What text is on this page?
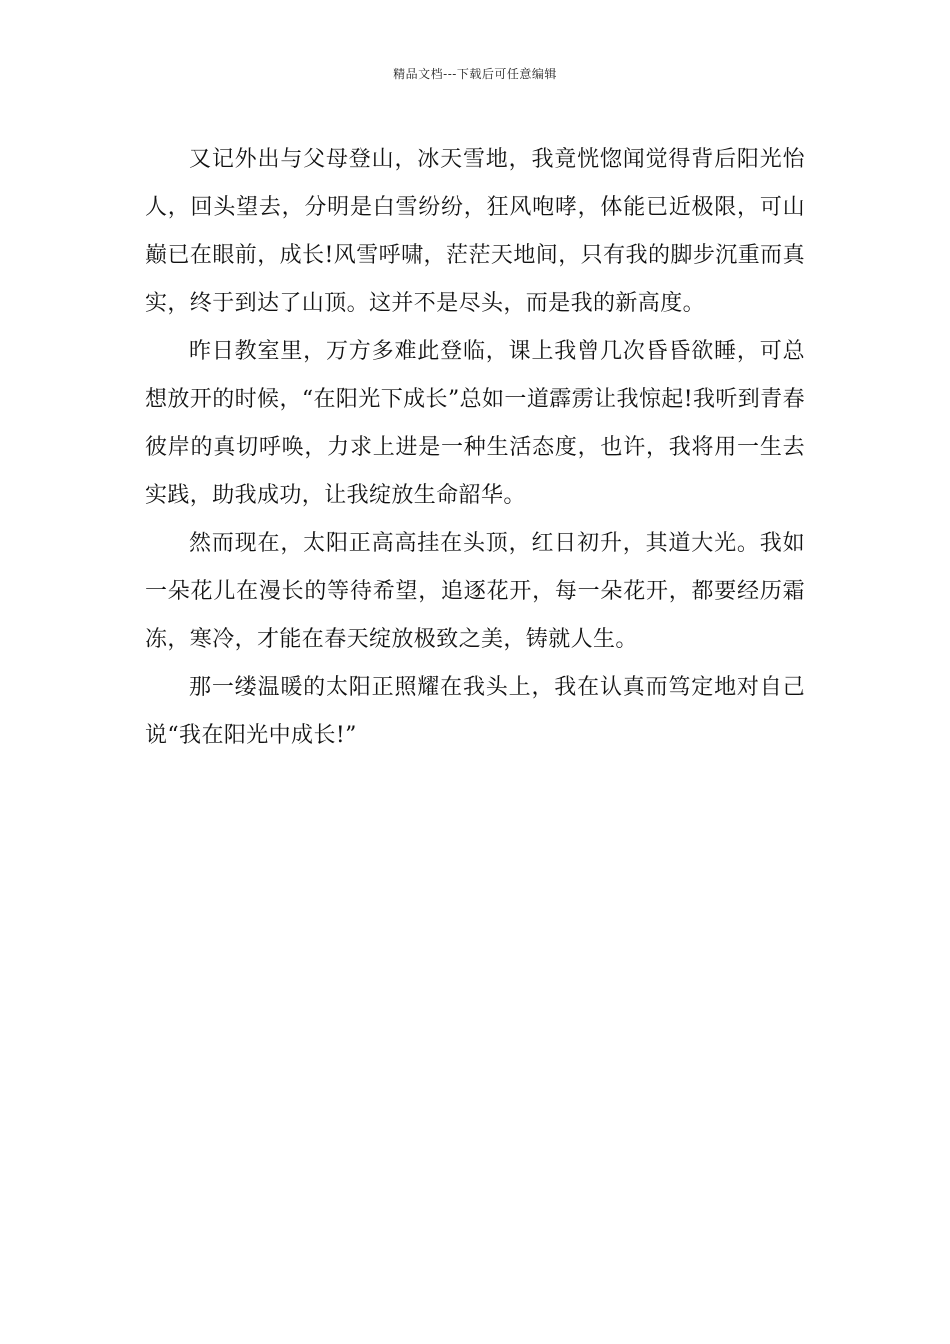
精品文档---下载后可任意编辑

又记外出与父母登山，冰天雪地，我竟恍惚闻觉得背后阳光怡人，回头望去，分明是白雪纷纷，狂风咆哮，体能已近极限，可山巅已在眼前，成长!风雪呼啸，茫茫天地间，只有我的脚步沉重而真实，终于到达了山顶。这并不是尽头，而是我的新高度。

昨日教室里，万方多难此登临，课上我曾几次昏昏欲睡，可总想放开的时候，“在阳光下成长”总如一道霹雳让我惊起!我听到青春彼岸的真切呼唤，力求上进是一种生活态度，也许，我将用一生去实践，助我成功，让我绽放生命韶华。

然而现在，太阳正高高挂在头顶，红日初升，其道大光。我如一朵花儿在漫长的等待希望，追逐花开，每一朵花开，都要经历霜冻，寒冷，才能在春天绽放极致之美，铸就人生。

那一缕温暖的太阳正照耀在我头上，我在认真而笃定地对自己说“我在阳光中成长!”
